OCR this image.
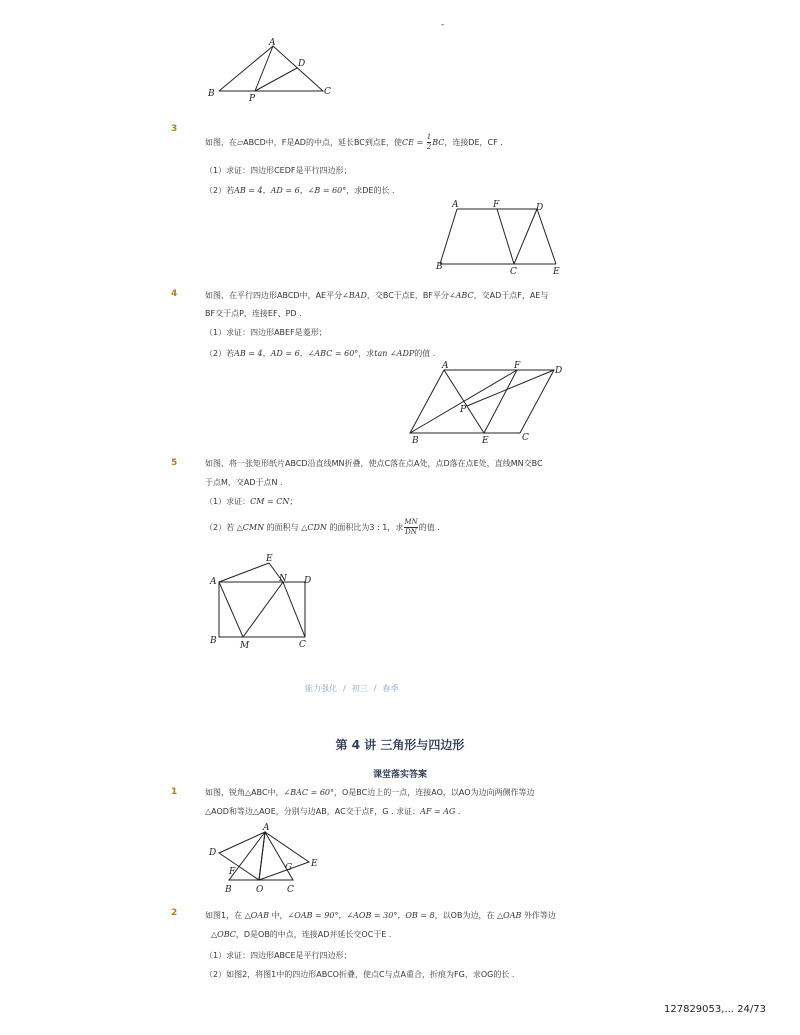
-
A
B	P
D
C
3
如图，在▱ABCD中，F是AD的中点，延长BC到点E，使CE = $\frac{1}{2}BC$，连接DE，CF .
（1）求证：四边形CEDF是平行四边形；
（2）若AB = 4，AD = 6，∠B = 60°，求DE的长 .
A	F	D
B	C	E
4	如图，在平行四边形ABCD中，AE平分∠BAD，交BC于点E，BF平分∠ABC，交AD于点F，AE与
BF交于点P，连接EF、PD .
（1）求证：四边形ABEF是菱形；
（2）若AB = 4，AD = 6，∠ABC = 60°，求tan ∠ADP的值 .
A	F	D
P
B	E	C
5	如图，将一张矩形纸片ABCD沿直线MN折叠，使点C落在点A处，点D落在点E处，直线MN交BC
于点M，交AD于点N .
（1）求证：CM = CN；
（2）若 △CMN 的面积与 △CDN 的面积比为3 : 1，求$\frac{MN}{DN}$的值 .
E
A	N D
B	M	C
能力强化 / 初三 / 春季
第 4 讲 三角形与四边形
课堂落实答案
1	如图，锐角△ABC中，∠BAC = 60°，O是BC边上的一点，连接AO，以AO为边向两侧作等边
△AOD和等边△AOE，分别与边AB，AC交于点F，G . 求证：AF = AG .
A
D
F	G E
B	O	C
2	如图1，在 △OAB 中，∠OAB = 90°，∠AOB = 30°，OB = 8，以OB为边，在 △OAB 外作等边
△OBC，D是OB的中点，连接AD并延长交OC于E .
（1）求证：四边形ABCE是平行四边形；
（2）如图2，将图1中的四边形ABCO折叠，使点C与点A重合，折痕为FG，求OG的长 .
127829053,... 24/73
